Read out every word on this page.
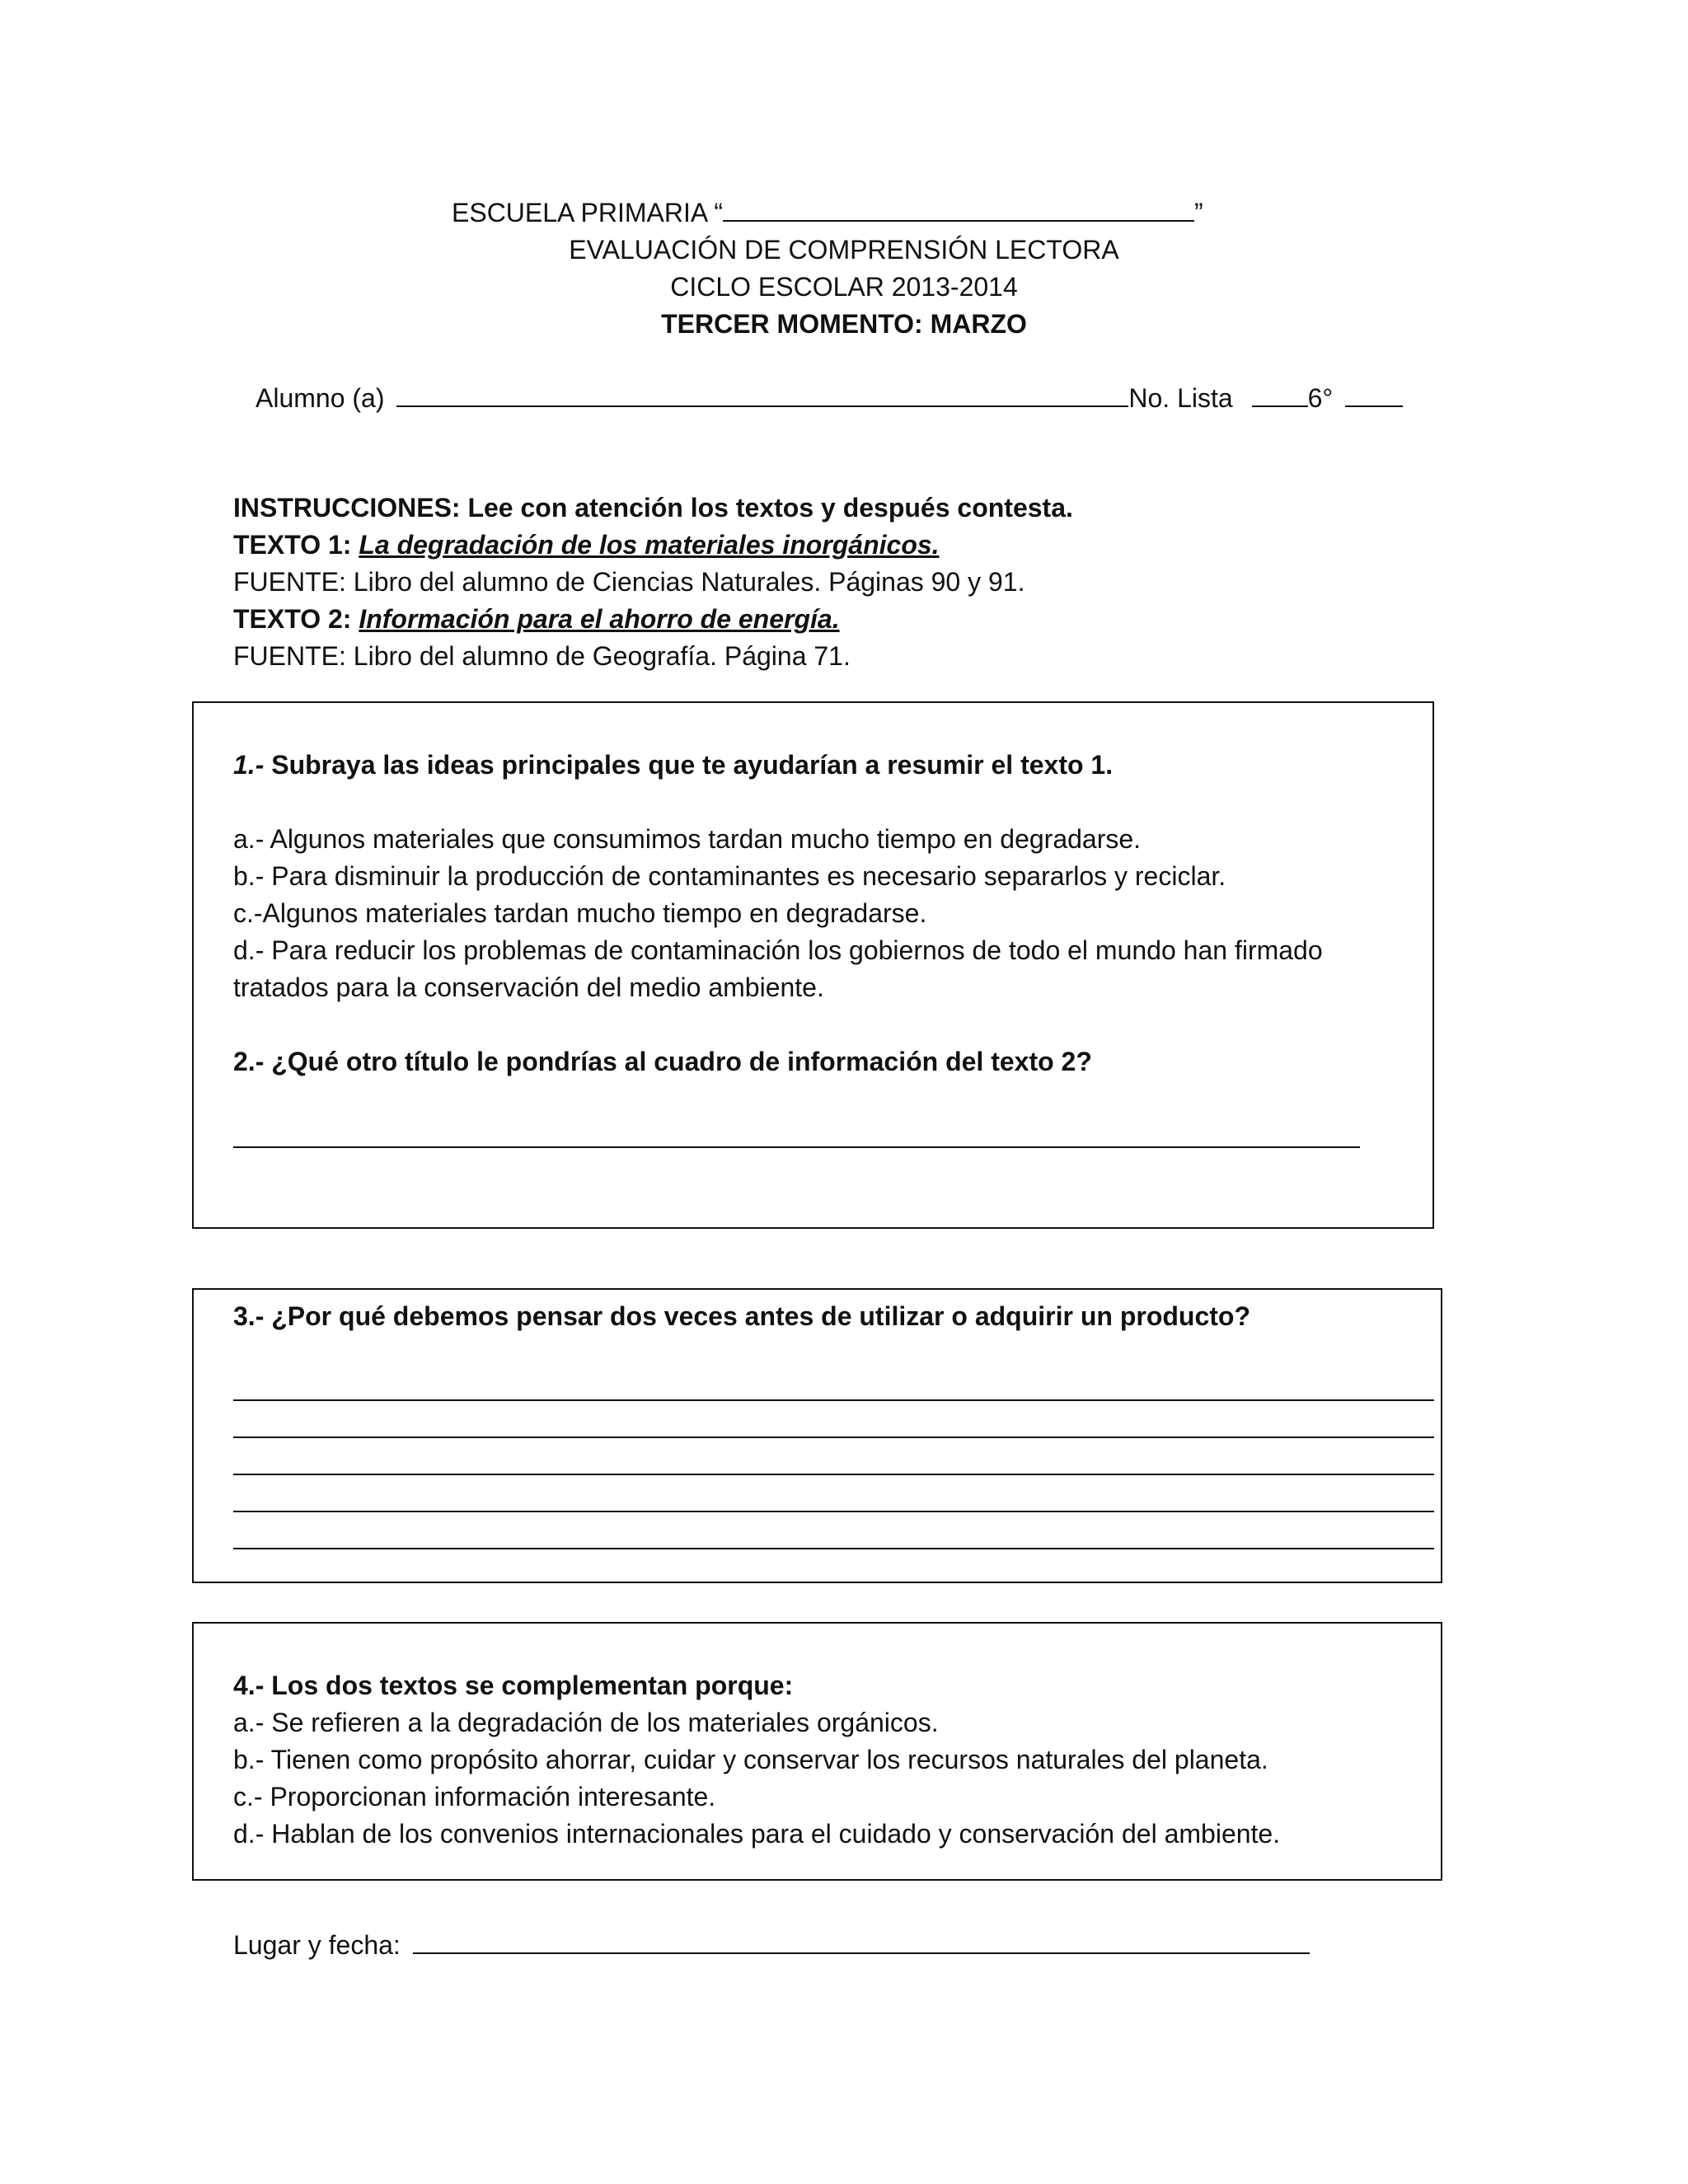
ESCUELA PRIMARIA “	”
EVALUACIÓN DE COMPRENSIÓN LECTORA
CICLO ESCOLAR 2013-2014
TERCER MOMENTO: MARZO
Alumno (a)	No. Lista	6°
INSTRUCCIONES: Lee con atención los textos y después contesta.
TEXTO 1: La degradación de los materiales inorgánicos.
FUENTE: Libro del alumno de Ciencias Naturales. Páginas 90 y 91.
TEXTO 2: Información para el ahorro de energía.
FUENTE: Libro del alumno de Geografía. Página 71.
1.- Subraya las ideas principales que te ayudarían a resumir el texto 1.
a.- Algunos materiales que consumimos tardan mucho tiempo en degradarse.
b.- Para disminuir la producción de contaminantes es necesario separarlos y reciclar.
c.-Algunos materiales tardan mucho tiempo en degradarse.
d.- Para reducir los problemas de contaminación los gobiernos de todo el mundo han firmado
tratados para la conservación del medio ambiente.
2.- ¿Qué otro título le pondrías al cuadro de información del texto 2?
3.- ¿Por qué debemos pensar dos veces antes de utilizar o adquirir un producto?
4.- Los dos textos se complementan porque:
a.- Se refieren a la degradación de los materiales orgánicos.
b.- Tienen como propósito ahorrar, cuidar y conservar los recursos naturales del planeta.
c.- Proporcionan información interesante.
d.- Hablan de los convenios internacionales para el cuidado y conservación del ambiente.
Lugar y fecha:
